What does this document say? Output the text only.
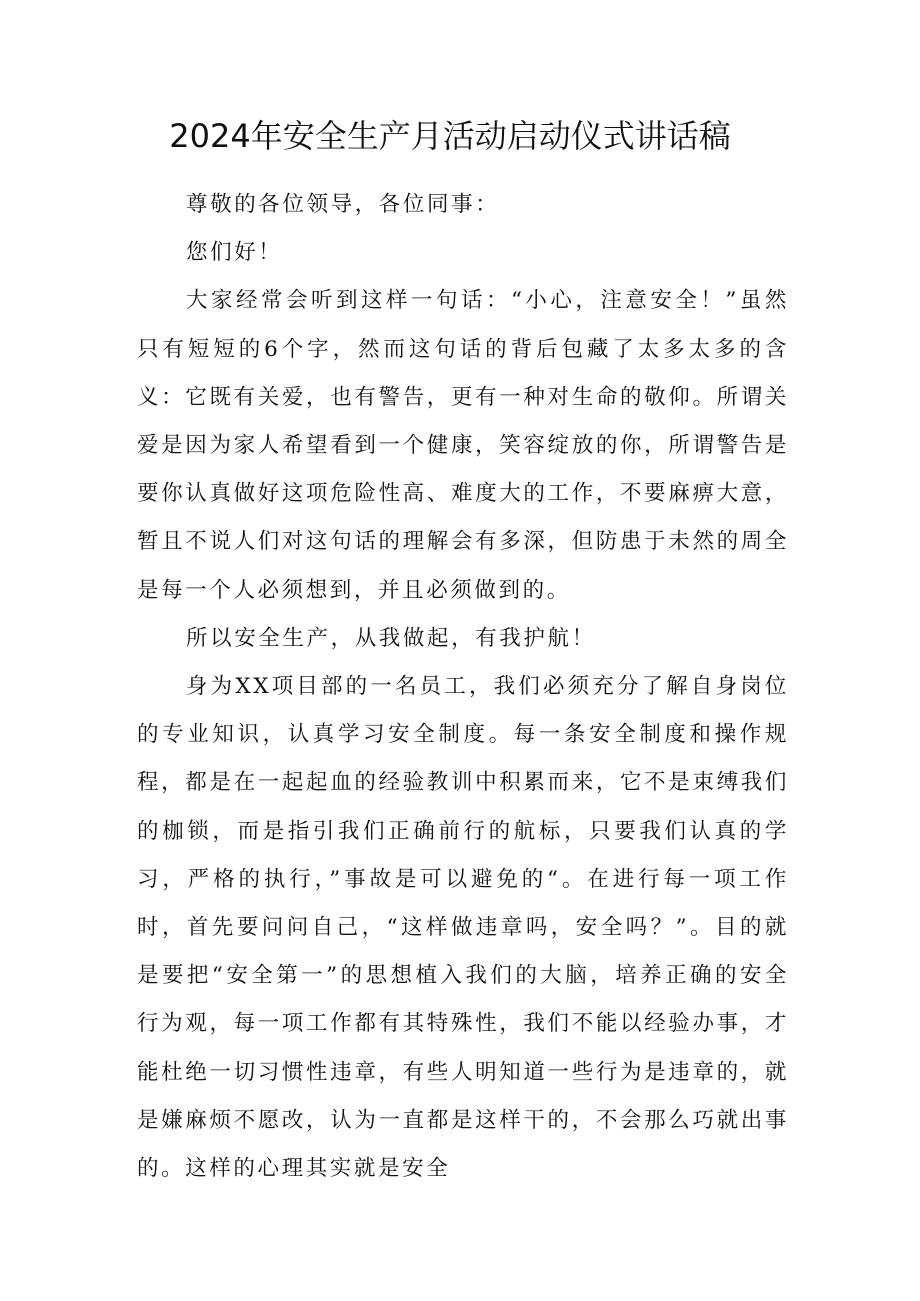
2024年安全生产月活动启动仪式讲话稿

尊敬的各位领导，各位同事：

您们好！

大家经常会听到这样一句话：“小心，注意安全！”虽然只有短短的6个字，然而这句话的背后包藏了太多太多的含义：它既有关爱，也有警告，更有一种对生命的敬仰。所谓关爱是因为家人希望看到一个健康，笑容绽放的你，所谓警告是要你认真做好这项危险性高、难度大的工作，不要麻痹大意，暂且不说人们对这句话的理解会有多深，但防患于未然的周全是每一个人必须想到，并且必须做到的。

所以安全生产，从我做起，有我护航！

身为XX项目部的一名员工，我们必须充分了解自身岗位的专业知识，认真学习安全制度。每一条安全制度和操作规程，都是在一起起血的经验教训中积累而来，它不是束缚我们的枷锁，而是指引我们正确前行的航标，只要我们认真的学习，严格的执行，”事故是可以避免的“。在进行每一项工作时，首先要问问自己，“这样做违章吗，安全吗？”。目的就是要把“安全第一”的思想植入我们的大脑，培养正确的安全行为观，每一项工作都有其特殊性，我们不能以经验办事，才能杜绝一切习惯性违章，有些人明知道一些行为是违章的，就是嫌麻烦不愿改，认为一直都是这样干的，不会那么巧就出事的。这样的心理其实就是安全
